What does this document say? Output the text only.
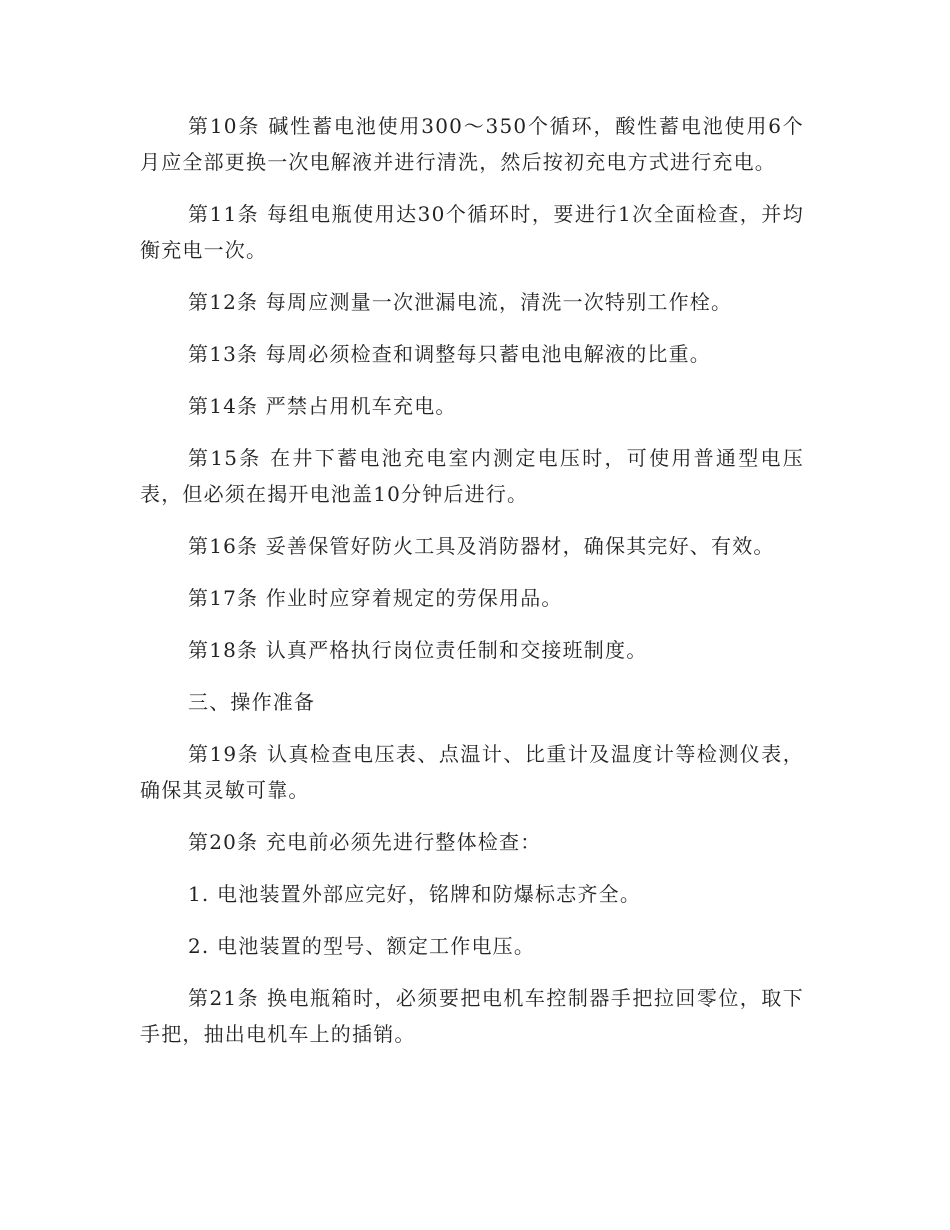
第10条 碱性蓄电池使用300～350个循环，酸性蓄电池使用6个月应全部更换一次电解液并进行清洗，然后按初充电方式进行充电。

第11条 每组电瓶使用达30个循环时，要进行1次全面检查，并均衡充电一次。

第12条 每周应测量一次泄漏电流，清洗一次特别工作栓。

第13条 每周必须检查和调整每只蓄电池电解液的比重。

第14条 严禁占用机车充电。

第15条 在井下蓄电池充电室内测定电压时，可使用普通型电压表，但必须在揭开电池盖10分钟后进行。

第16条 妥善保管好防火工具及消防器材，确保其完好、有效。

第17条 作业时应穿着规定的劳保用品。

第18条 认真严格执行岗位责任制和交接班制度。

三、操作准备

第19条 认真检查电压表、点温计、比重计及温度计等检测仪表，确保其灵敏可靠。

第20条 充电前必须先进行整体检查：

1. 电池装置外部应完好，铭牌和防爆标志齐全。

2. 电池装置的型号、额定工作电压。

第21条 换电瓶箱时，必须要把电机车控制器手把拉回零位，取下手把，抽出电机车上的插销。
